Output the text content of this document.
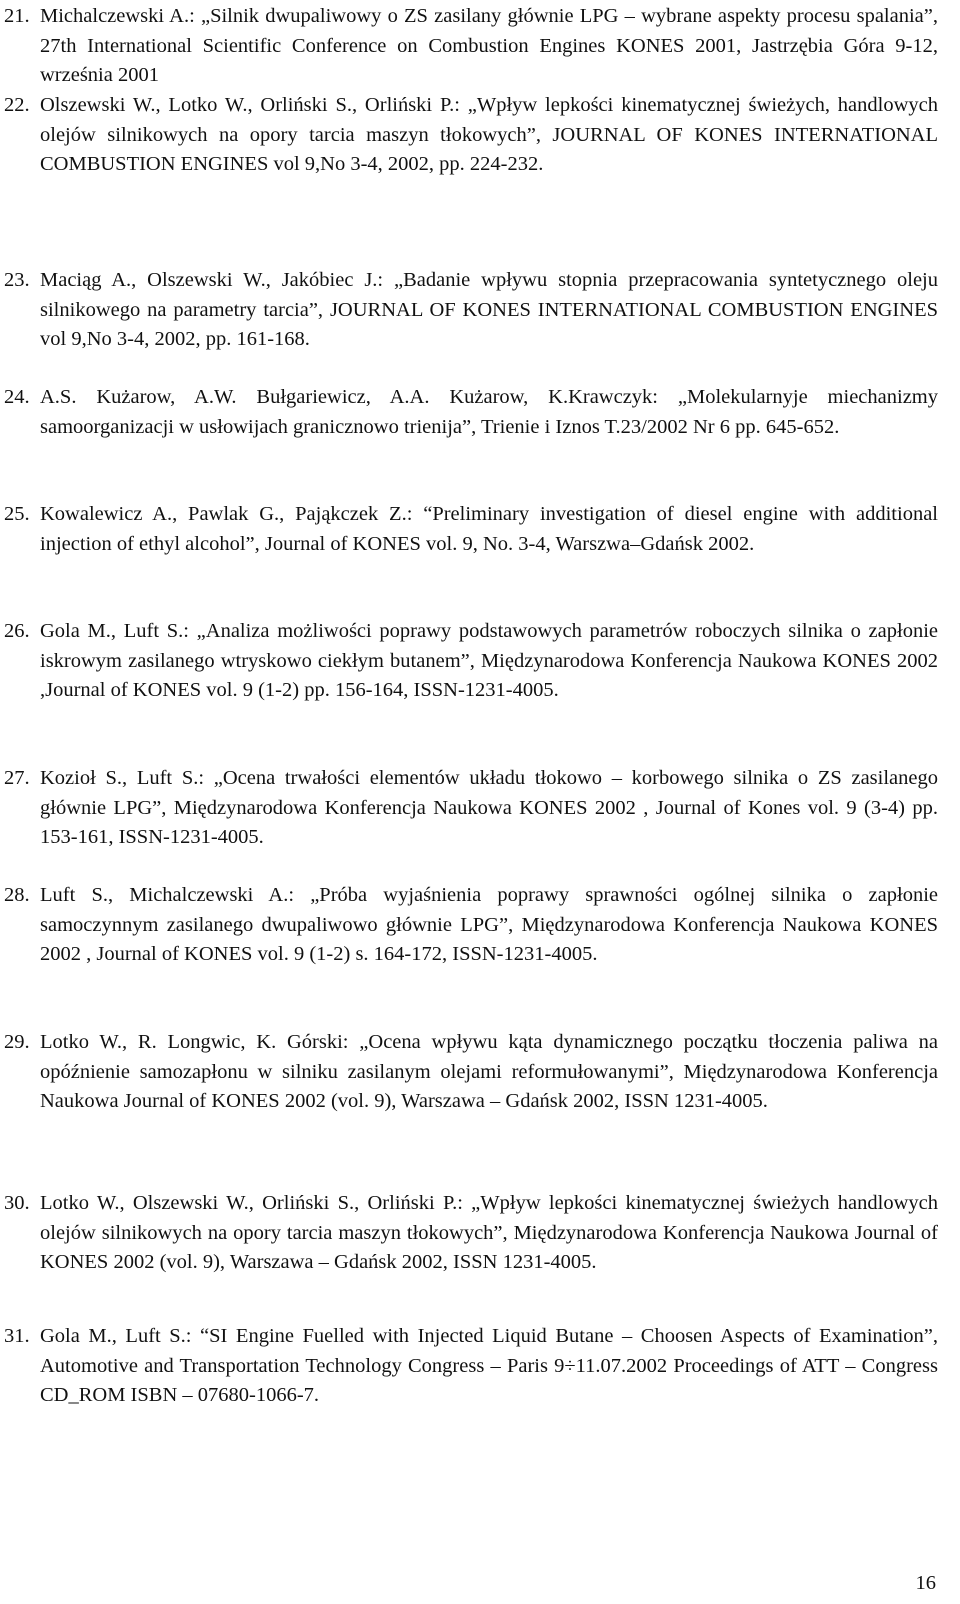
21. Michalczewski A.: „Silnik dwupaliwowy o ZS zasilany głównie LPG – wybrane aspekty procesu spalania”, 27th International Scientific Conference on Combustion Engines KONES 2001, Jastrzębia Góra 9-12, września 2001
22. Olszewski W., Lotko W., Orliński S., Orliński P.: „Wpływ lepkości kinematycznej świeżych, handlowych olejów silnikowych na opory tarcia maszyn tłokowych”, JOURNAL OF KONES INTERNATIONAL COMBUSTION ENGINES vol 9,No 3-4, 2002, pp. 224-232.
23. Maciąg A., Olszewski W., Jakóbiec J.: „Badanie wpływu stopnia przepracowania syntetycznego oleju silnikowego na parametry tarcia”, JOURNAL OF KONES INTERNATIONAL COMBUSTION ENGINES vol 9,No 3-4, 2002, pp. 161-168.
24. A.S. Kużarow, A.W. Bułgariewicz, A.A. Kużarow, K.Krawczyk: „Molekularnyje miechanizmy samoorganizacji w usłowijach granicznowo trienija”, Trienie i Iznos T.23/2002 Nr 6 pp. 645-652.
25. Kowalewicz A., Pawlak G., Pająkczek Z.: “Preliminary investigation of diesel engine with additional injection of ethyl alcohol”, Journal of KONES vol. 9, No. 3-4, Warszwa–Gdańsk 2002.
26. Gola M., Luft S.: „Analiza możliwości poprawy podstawowych parametrów roboczych silnika o zapłonie iskrowym zasilanego wtryskowo ciekłym butanem”, Międzynarodowa Konferencja Naukowa KONES 2002 ,Journal of KONES vol. 9 (1-2) pp. 156-164, ISSN-1231-4005.
27. Kozioł S., Luft S.: „Ocena trwałości elementów układu tłokowo – korbowego silnika o ZS zasilanego głównie LPG”, Międzynarodowa Konferencja Naukowa KONES 2002 , Journal of Kones vol. 9 (3-4) pp. 153-161, ISSN-1231-4005.
28. Luft S., Michalczewski A.: „Próba wyjaśnienia poprawy sprawności ogólnej silnika o zapłonie samoczynnym zasilanego dwupaliwowo głównie LPG”, Międzynarodowa Konferencja Naukowa KONES 2002 , Journal of KONES vol. 9 (1-2) s. 164-172, ISSN-1231-4005.
29. Lotko W., R. Longwic, K. Górski: „Ocena wpływu kąta dynamicznego początku tłoczenia paliwa na opóźnienie samozapłonu w silniku zasilanym olejami reformułowanymi”, Międzynarodowa Konferencja Naukowa Journal of KONES 2002 (vol. 9), Warszawa – Gdańsk 2002, ISSN 1231-4005.
30. Lotko W., Olszewski W., Orliński S., Orliński P.: „Wpływ lepkości kinematycznej świeżych handlowych olejów silnikowych na opory tarcia maszyn tłokowych”, Międzynarodowa Konferencja Naukowa Journal of KONES 2002 (vol. 9), Warszawa – Gdańsk 2002, ISSN 1231-4005.
31. Gola M., Luft S.: “SI Engine Fuelled with Injected Liquid Butane – Choosen Aspects of Examination”, Automotive and Transportation Technology Congress – Paris 9÷11.07.2002 Proceedings of ATT – Congress CD_ROM ISBN – 07680-1066-7.
16
